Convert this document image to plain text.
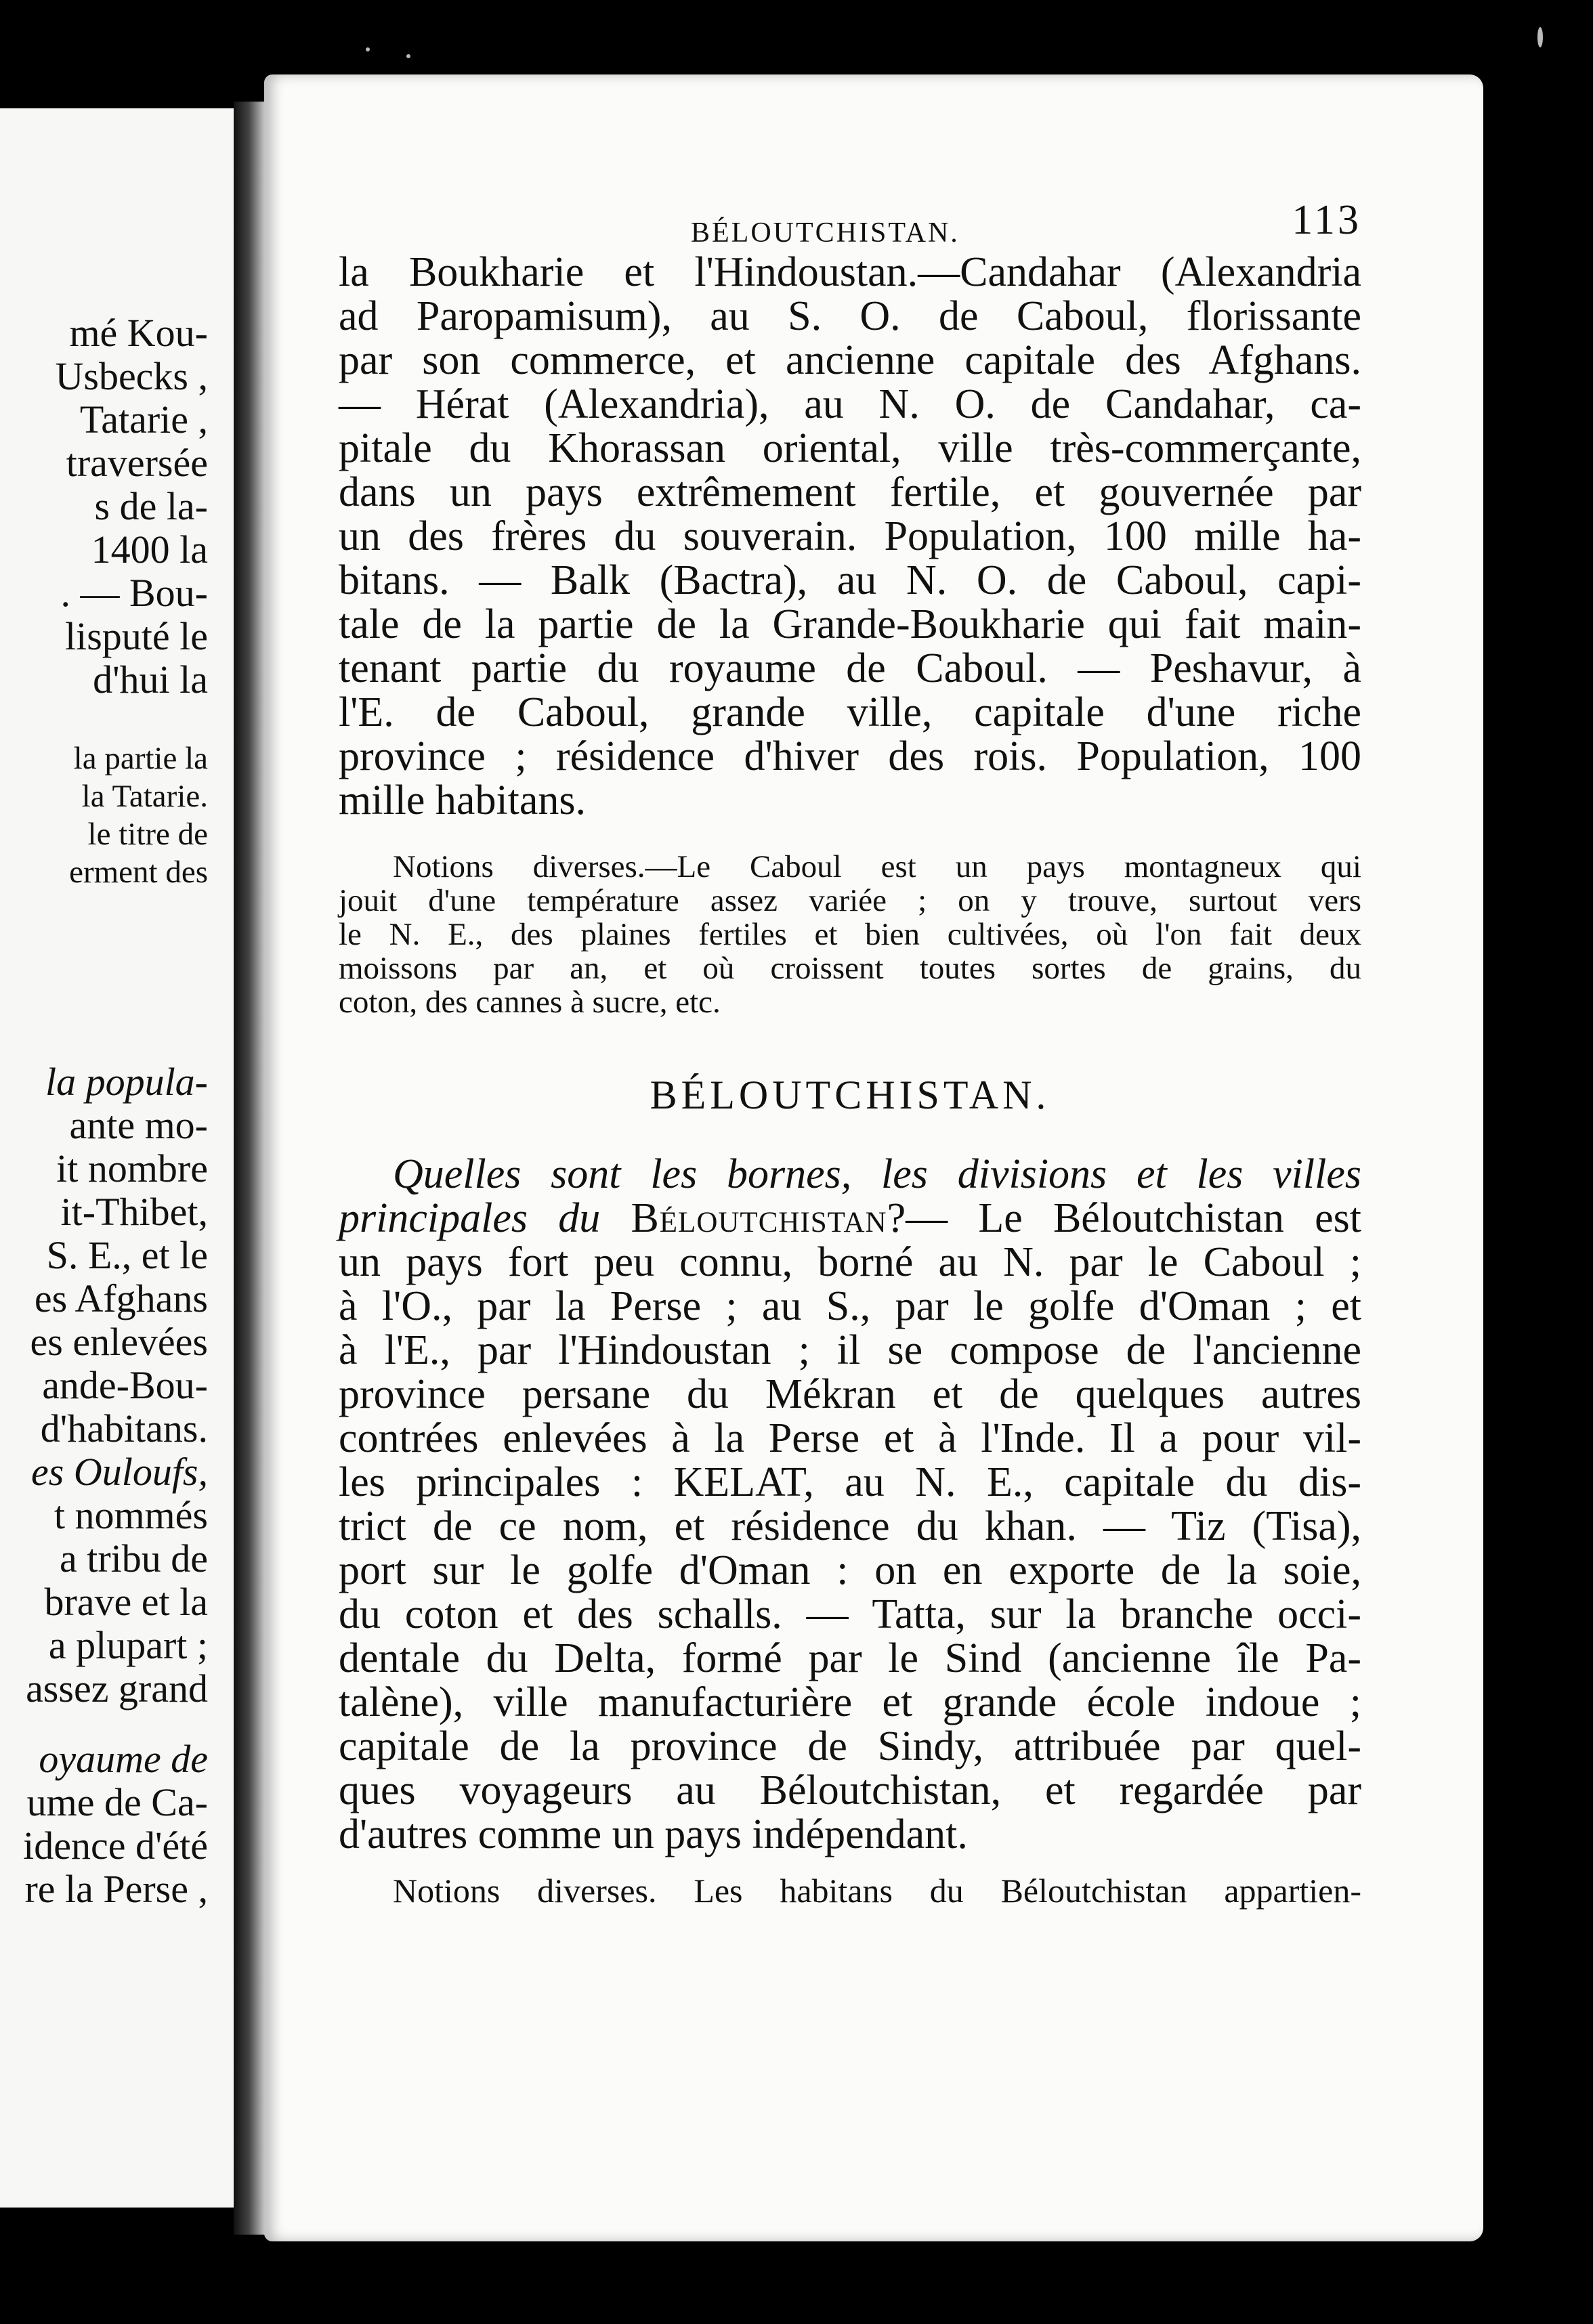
mé Kou-
Usbecks ,
Tatarie ,
traversée
s de la-
1400 la
. — Bou-
lisputé le
d'hui la
la partie la
la Tatarie.
le titre de
erment des
la popula-
ante mo-
it nombre
it-Thibet,
S. E., et le
es Afghans
es enlevées
ande-Bou-
d'habitans.
es Ouloufs,
t nommés
a tribu de
brave et la
a plupart ;
assez grand
oyaume de
ume de Ca-
idence d'été
re la Perse ,
BÉLOUTCHISTAN.	113
la Boukharie et l'Hindoustan.—Candahar (Alexandria
ad Paropamisum), au S. O. de Caboul, florissante
par son commerce, et ancienne capitale des Afghans.
— Hérat (Alexandria), au N. O. de Candahar, ca-
pitale du Khorassan oriental, ville très-commerçante,
dans un pays extrêmement fertile, et gouvernée par
un des frères du souverain. Population, 100 mille ha-
bitans. — Balk (Bactra), au N. O. de Caboul, capi-
tale de la partie de la Grande-Boukharie qui fait main-
tenant partie du royaume de Caboul. — Peshavur, à
l'E. de Caboul, grande ville, capitale d'une riche
province ; résidence d'hiver des rois. Population, 100
mille habitans.
Notions diverses.—Le Caboul est un pays montagneux qui
jouit d'une température assez variée ; on y trouve, surtout vers
le N. E., des plaines fertiles et bien cultivées, où l'on fait deux
moissons par an, et où croissent toutes sortes de grains, du
coton, des cannes à sucre, etc.
BÉLOUTCHISTAN.
Quelles sont les bornes, les divisions et les villes
principales du Béloutchistan?— Le Béloutchistan est
un pays fort peu connu, borné au N. par le Caboul ;
à l'O., par la Perse ; au S., par le golfe d'Oman ; et
à l'E., par l'Hindoustan ; il se compose de l'ancienne
province persane du Mékran et de quelques autres
contrées enlevées à la Perse et à l'Inde. Il a pour vil-
les principales : KELAT, au N. E., capitale du dis-
trict de ce nom, et résidence du khan. — Tiz (Tisa),
port sur le golfe d'Oman : on en exporte de la soie,
du coton et des schalls. — Tatta, sur la branche occi-
dentale du Delta, formé par le Sind (ancienne île Pa-
talène), ville manufacturière et grande école indoue ;
capitale de la province de Sindy, attribuée par quel-
ques voyageurs au Béloutchistan, et regardée par
d'autres comme un pays indépendant.
Notions diverses. Les habitans du Béloutchistan appartien-
